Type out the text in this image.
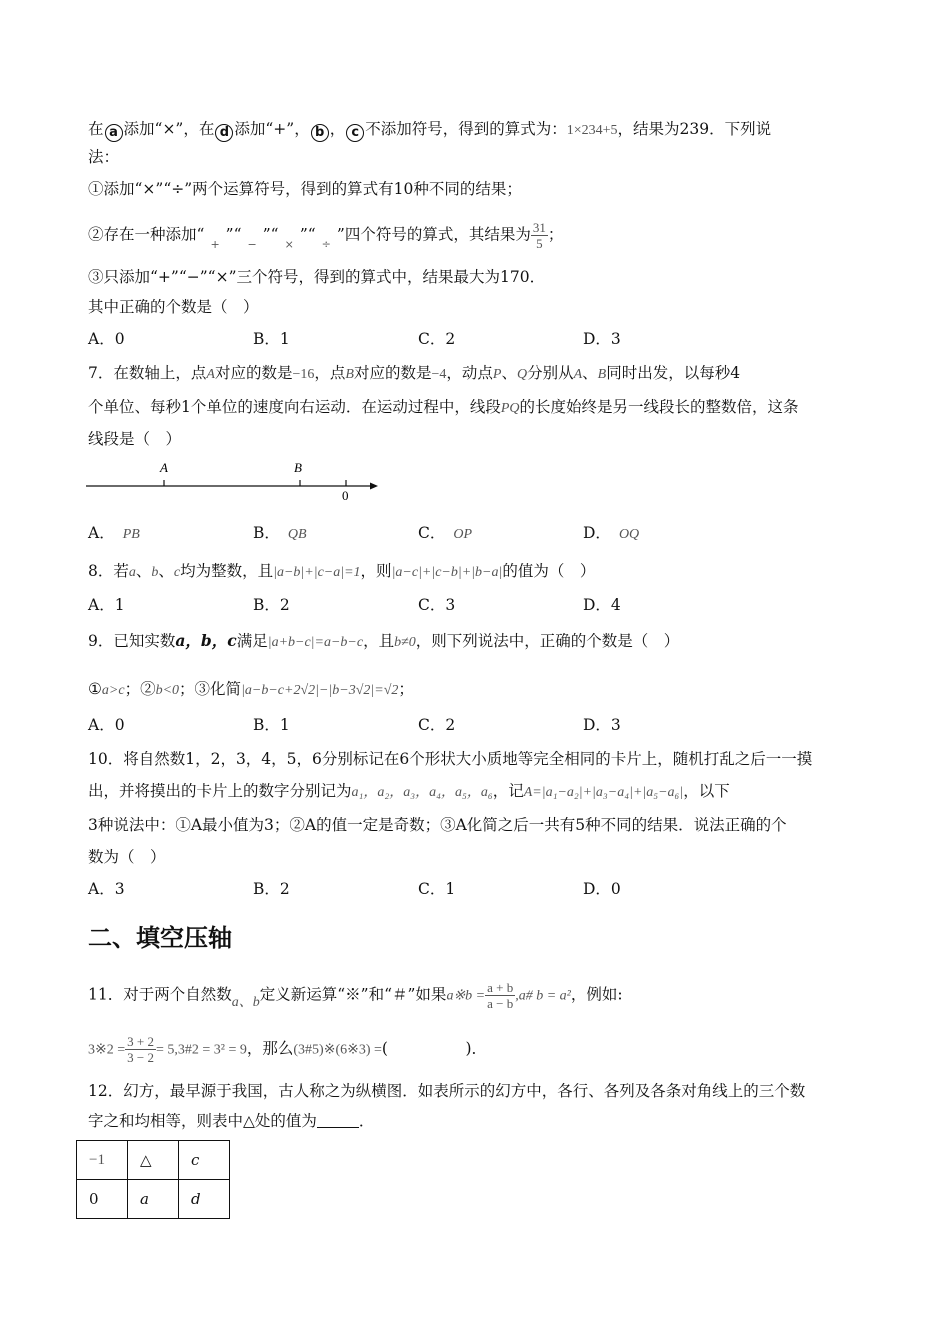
在 a 添加“×”，在 d 添加“+”， b ， c 不添加符号，得到的算式为：1×234+5，结果为239．下列说
法：
①添加“×”“÷”两个运算符号，得到的算式有10种不同的结果；
②存在一种添加“$_+”“_-”“_\times”“_\div$”四个符号的算式，其结果为 $\frac{31}{5}$ ；
③只添加“+”“−”“×”三个符号，得到的算式中，结果最大为170．
其中正确的个数是（　）
A．0	B．1	C．2	D．3
7．在数轴上，点A对应的数是−16，点B对应的数是−4，动点P、Q分别从A、B同时出发，以每秒4
个单位、每秒1个单位的速度向右运动．在运动过程中，线段PQ的长度始终是另一线段长的整数倍，这条
线段是（　）
A	B
0
A． PB	B． QB	C． OP	D． OQ
8．若a、b、c均为整数，且|a−b|+|c−a|=1，则|a−c|+|c−b|+|b−a|的值为（　）
A．1	B．2	C．3	D．4
9．已知实数a，b，c满足|a+b−c|=a−b−c，且b≠0，则下列说法中，正确的个数是（　）
①a>c；②b<0；③化简|a−b−c+2√2|−|b−3√2|=√2；
A．0	B．1	C．2	D．3
10．将自然数1，2，3，4，5，6分别标记在6个形状大小质地等完全相同的卡片上，随机打乱之后一一摸
出，并将摸出的卡片上的数字分别记为a₁，a₂，a₃，a₄，a₅，a₆，记A=|a₁−a₂|+|a₃−a₄|+|a₅−a₆|，以下
3种说法中：①A最小值为3；②A的值一定是奇数；③A化简之后一共有5种不同的结果．说法正确的个
数为（　）
A．3	B．2	C．1	D．0
二、填空压轴
11．对于两个自然数a、b定义新运算“※”和“＃”如果a※b = $\frac{a + b}{a - b}$ ,a# b = a²，例如:
3※2 = $\frac{3 + 2}{3 - 2}$ = 5,3#2 = 3² = 9，那么(3#5)※(6※3) =(　　　　　)．
12．幻方，最早源于我国，古人称之为纵横图．如表所示的幻方中，各行、各列及各条对角线上的三个数
字之和均相等，则表中△处的值为	．
−1	△	c
0	a	d
